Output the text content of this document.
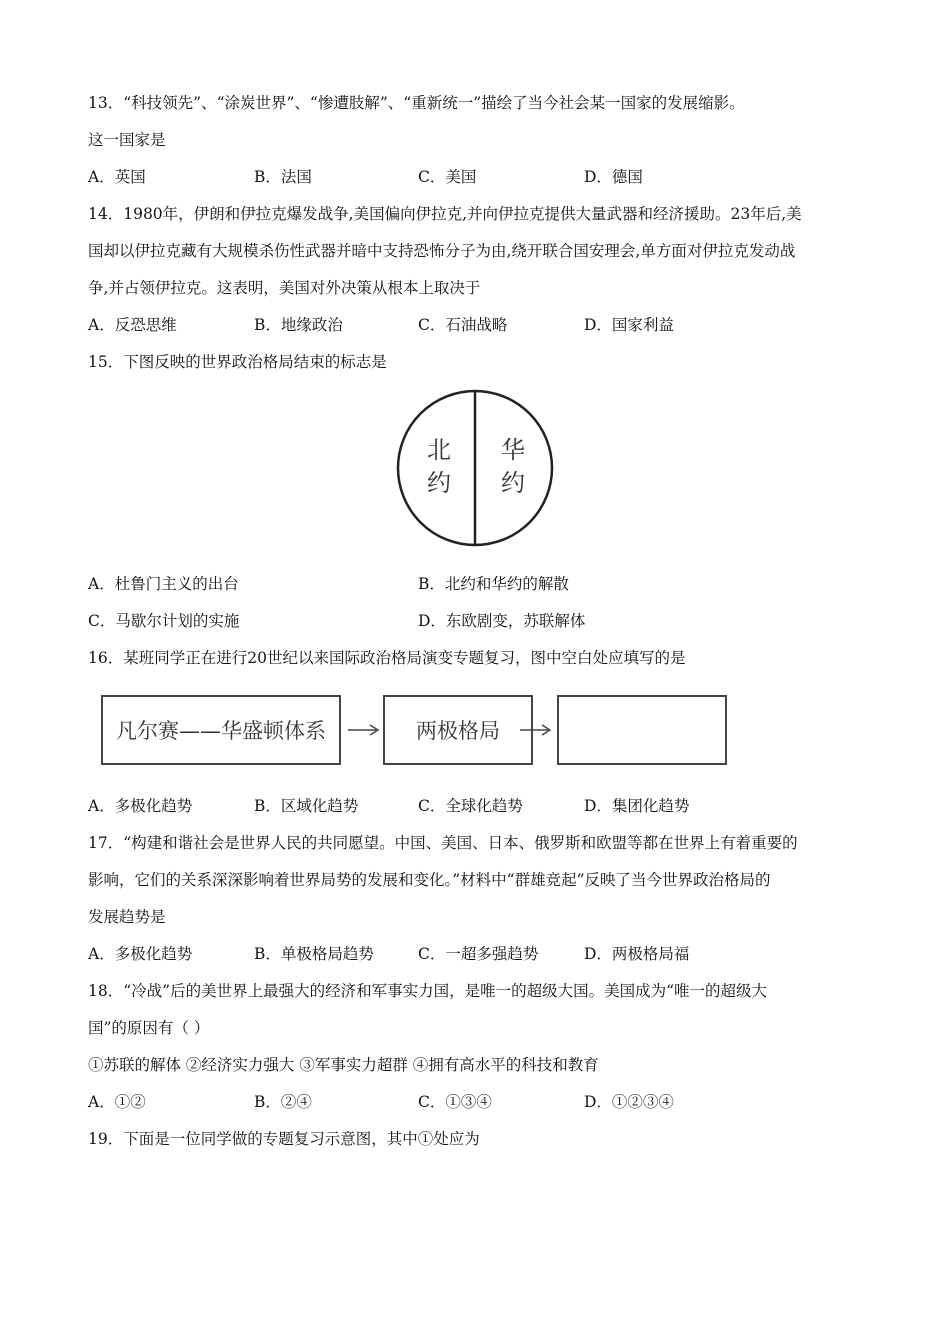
13．“科技领先”、“涂炭世界”、“惨遭肢解”、“重新统一”描绘了当今社会某一国家的发展缩影。
这一国家是
A．英国	B．法国	C．美国	D．德国
14．1980年，伊朗和伊拉克爆发战争,美国偏向伊拉克,并向伊拉克提供大量武器和经济援助。23年后,美
国却以伊拉克藏有大规模杀伤性武器并暗中支持恐怖分子为由,绕开联合国安理会,单方面对伊拉克发动战
争,并占领伊拉克。这表明，美国对外决策从根本上取决于
A．反恐思维	B．地缘政治	C．石油战略	D．国家利益
15．下图反映的世界政治格局结束的标志是
北
约
华
约
A．杜鲁门主义的出台	B．北约和华约的解散
C．马歇尔计划的实施	D．东欧剧变，苏联解体
16．某班同学正在进行20世纪以来国际政治格局演变专题复习，图中空白处应填写的是
凡尔赛——华盛顿体系	两极格局
A．多极化趋势	B．区域化趋势	C．全球化趋势	D．集团化趋势
17．“构建和谐社会是世界人民的共同愿望。中国、美国、日本、俄罗斯和欧盟等都在世界上有着重要的
影响，它们的关系深深影响着世界局势的发展和变化。”材料中“群雄竞起”反映了当今世界政治格局的
发展趋势是
A．多极化趋势	B．单极格局趋势	C．一超多强趋势	D．两极格局福
18．“冷战”后的美世界上最强大的经济和军事实力国，是唯一的超级大国。美国成为“唯一的超级大
国”的原因有（ ）
①苏联的解体 ②经济实力强大 ③军事实力超群 ④拥有高水平的科技和教育
A．①②	B．②④	C．①③④	D．①②③④
19．下面是一位同学做的专题复习示意图，其中①处应为
